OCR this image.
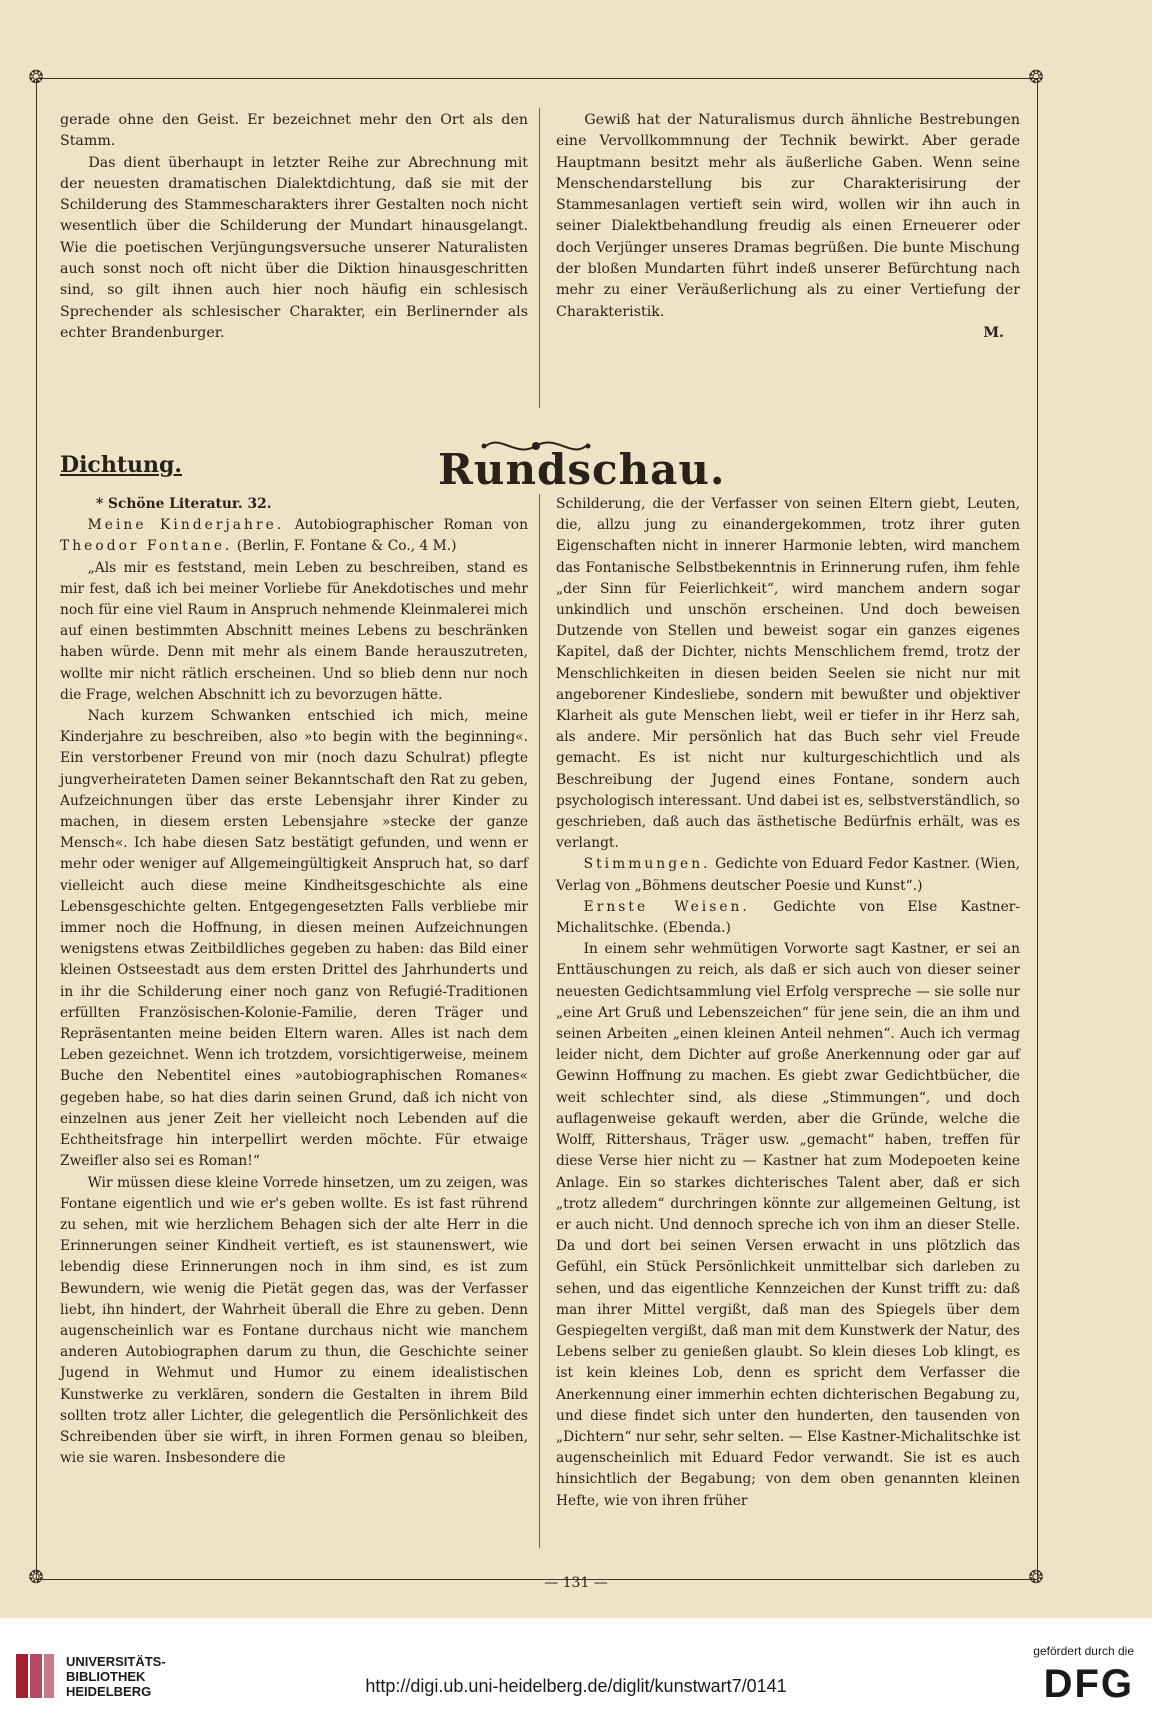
❂	❂
❂	❂

gerade ohne den Geist. Er bezeichnet mehr den Ort als den Stamm.

Das dient überhaupt in letzter Reihe zur Abrechnung mit der neuesten dramatischen Dialektdichtung, daß sie mit der Schilderung des Stammescharakters ihrer Gestalten noch nicht wesentlich über die Schilderung der Mundart hinausgelangt. Wie die poetischen Verjüngungsversuche unserer Naturalisten auch sonst noch oft nicht über die Diktion hinausgeschritten sind, so gilt ihnen auch hier noch häufig ein schlesisch Sprechender als schlesischer Charakter, ein Berlinernder als echter Brandenburger.

Gewiß hat der Naturalismus durch ähnliche Bestrebungen eine Vervollkommnung der Technik bewirkt. Aber gerade Hauptmann besitzt mehr als äußerliche Gaben. Wenn seine Menschendarstellung bis zur Charakterisirung der Stammesanlagen vertieft sein wird, wollen wir ihn auch in seiner Dialektbehandlung freudig als einen Erneuerer oder doch Verjünger unseres Dramas begrüßen. Die bunte Mischung der bloßen Mundarten führt indeß unserer Befürchtung nach mehr zu einer Veräußerlichung als zu einer Vertiefung der Charakteristik.

M.

Dichtung.	Rundschau.

* Schöne Literatur. 32.

Meine Kinderjahre. Autobiographischer Roman von Theodor Fontane. (Berlin, F. Fontane & Co., 4 M.)

„Als mir es feststand, mein Leben zu beschreiben, stand es mir fest, daß ich bei meiner Vorliebe für Anekdotisches und mehr noch für eine viel Raum in Anspruch nehmende Kleinmalerei mich auf einen bestimmten Abschnitt meines Lebens zu beschränken haben würde. Denn mit mehr als einem Bande herauszutreten, wollte mir nicht rätlich erscheinen. Und so blieb denn nur noch die Frage, welchen Abschnitt ich zu bevorzugen hätte.

Nach kurzem Schwanken entschied ich mich, meine Kinderjahre zu beschreiben, also »to begin with the beginning«. Ein verstorbener Freund von mir (noch dazu Schulrat) pflegte jungverheirateten Damen seiner Bekanntschaft den Rat zu geben, Aufzeichnungen über das erste Lebensjahr ihrer Kinder zu machen, in diesem ersten Lebensjahre »stecke der ganze Mensch«. Ich habe diesen Satz bestätigt gefunden, und wenn er mehr oder weniger auf Allgemeingültigkeit Anspruch hat, so darf vielleicht auch diese meine Kindheitsgeschichte als eine Lebensgeschichte gelten. Entgegengesetzten Falls verbliebe mir immer noch die Hoffnung, in diesen meinen Aufzeichnungen wenigstens etwas Zeitbildliches gegeben zu haben: das Bild einer kleinen Ostseestadt aus dem ersten Drittel des Jahrhunderts und in ihr die Schilderung einer noch ganz von Refugié-Traditionen erfüllten Französischen-Kolonie-Familie, deren Träger und Repräsentanten meine beiden Eltern waren. Alles ist nach dem Leben gezeichnet. Wenn ich trotzdem, vorsichtigerweise, meinem Buche den Nebentitel eines »autobiographischen Romanes« gegeben habe, so hat dies darin seinen Grund, daß ich nicht von einzelnen aus jener Zeit her vielleicht noch Lebenden auf die Echtheitsfrage hin interpellirt werden möchte. Für etwaige Zweifler also sei es Roman!“

Wir müssen diese kleine Vorrede hinsetzen, um zu zeigen, was Fontane eigentlich und wie er's geben wollte. Es ist fast rührend zu sehen, mit wie herzlichem Behagen sich der alte Herr in die Erinnerungen seiner Kindheit vertieft, es ist staunenswert, wie lebendig diese Erinnerungen noch in ihm sind, es ist zum Bewundern, wie wenig die Pietät gegen das, was der Verfasser liebt, ihn hindert, der Wahrheit überall die Ehre zu geben. Denn augenscheinlich war es Fontane durchaus nicht wie manchem anderen Autobiographen darum zu thun, die Geschichte seiner Jugend in Wehmut und Humor zu einem idealistischen Kunstwerke zu verklären, sondern die Gestalten in ihrem Bild sollten trotz aller Lichter, die gelegentlich die Persönlichkeit des Schreibenden über sie wirft, in ihren Formen genau so bleiben, wie sie waren. Insbesondere die

Schilderung, die der Verfasser von seinen Eltern giebt, Leuten, die, allzu jung zu einandergekommen, trotz ihrer guten Eigenschaften nicht in innerer Harmonie lebten, wird manchem das Fontanische Selbstbekenntnis in Erinnerung rufen, ihm fehle „der Sinn für Feierlichkeit“, wird manchem andern sogar unkindlich und unschön erscheinen. Und doch beweisen Dutzende von Stellen und beweist sogar ein ganzes eigenes Kapitel, daß der Dichter, nichts Menschlichem fremd, trotz der Menschlichkeiten in diesen beiden Seelen sie nicht nur mit angeborener Kindesliebe, sondern mit bewußter und objektiver Klarheit als gute Menschen liebt, weil er tiefer in ihr Herz sah, als andere. Mir persönlich hat das Buch sehr viel Freude gemacht. Es ist nicht nur kulturgeschichtlich und als Beschreibung der Jugend eines Fontane, sondern auch psychologisch interessant. Und dabei ist es, selbstverständlich, so geschrieben, daß auch das ästhetische Bedürfnis erhält, was es verlangt.

Stimmungen. Gedichte von Eduard Fedor Kastner. (Wien, Verlag von „Böhmens deutscher Poesie und Kunst“.)

Ernste Weisen. Gedichte von Else Kastner-Michalitschke. (Ebenda.)

In einem sehr wehmütigen Vorworte sagt Kastner, er sei an Enttäuschungen zu reich, als daß er sich auch von dieser seiner neuesten Gedichtsammlung viel Erfolg verspreche — sie solle nur „eine Art Gruß und Lebenszeichen“ für jene sein, die an ihm und seinen Arbeiten „einen kleinen Anteil nehmen“. Auch ich vermag leider nicht, dem Dichter auf große Anerkennung oder gar auf Gewinn Hoffnung zu machen. Es giebt zwar Gedichtbücher, die weit schlechter sind, als diese „Stimmungen“, und doch auflagenweise gekauft werden, aber die Gründe, welche die Wolff, Rittershaus, Träger usw. „gemacht“ haben, treffen für diese Verse hier nicht zu — Kastner hat zum Modepoeten keine Anlage. Ein so starkes dichterisches Talent aber, daß er sich „trotz alledem“ durchringen könnte zur allgemeinen Geltung, ist er auch nicht. Und dennoch spreche ich von ihm an dieser Stelle. Da und dort bei seinen Versen erwacht in uns plötzlich das Gefühl, ein Stück Persönlichkeit unmittelbar sich darleben zu sehen, und das eigentliche Kennzeichen der Kunst trifft zu: daß man ihrer Mittel vergißt, daß man des Spiegels über dem Gespiegelten vergißt, daß man mit dem Kunstwerk der Natur, des Lebens selber zu genießen glaubt. So klein dieses Lob klingt, es ist kein kleines Lob, denn es spricht dem Verfasser die Anerkennung einer immerhin echten dichterischen Begabung zu, und diese findet sich unter den hunderten, den tausenden von „Dichtern“ nur sehr, sehr selten. — Else Kastner-Michalitschke ist augenscheinlich mit Eduard Fedor verwandt. Sie ist es auch hinsichtlich der Begabung; von dem oben genannten kleinen Hefte, wie von ihren früher

— 131 —
UNIVERSITÄTS-
BIBLIOTHEK
HEIDELBERG	http://digi.ub.uni-heidelberg.de/diglit/kunstwart7/0141
gefördert durch die
DFG
